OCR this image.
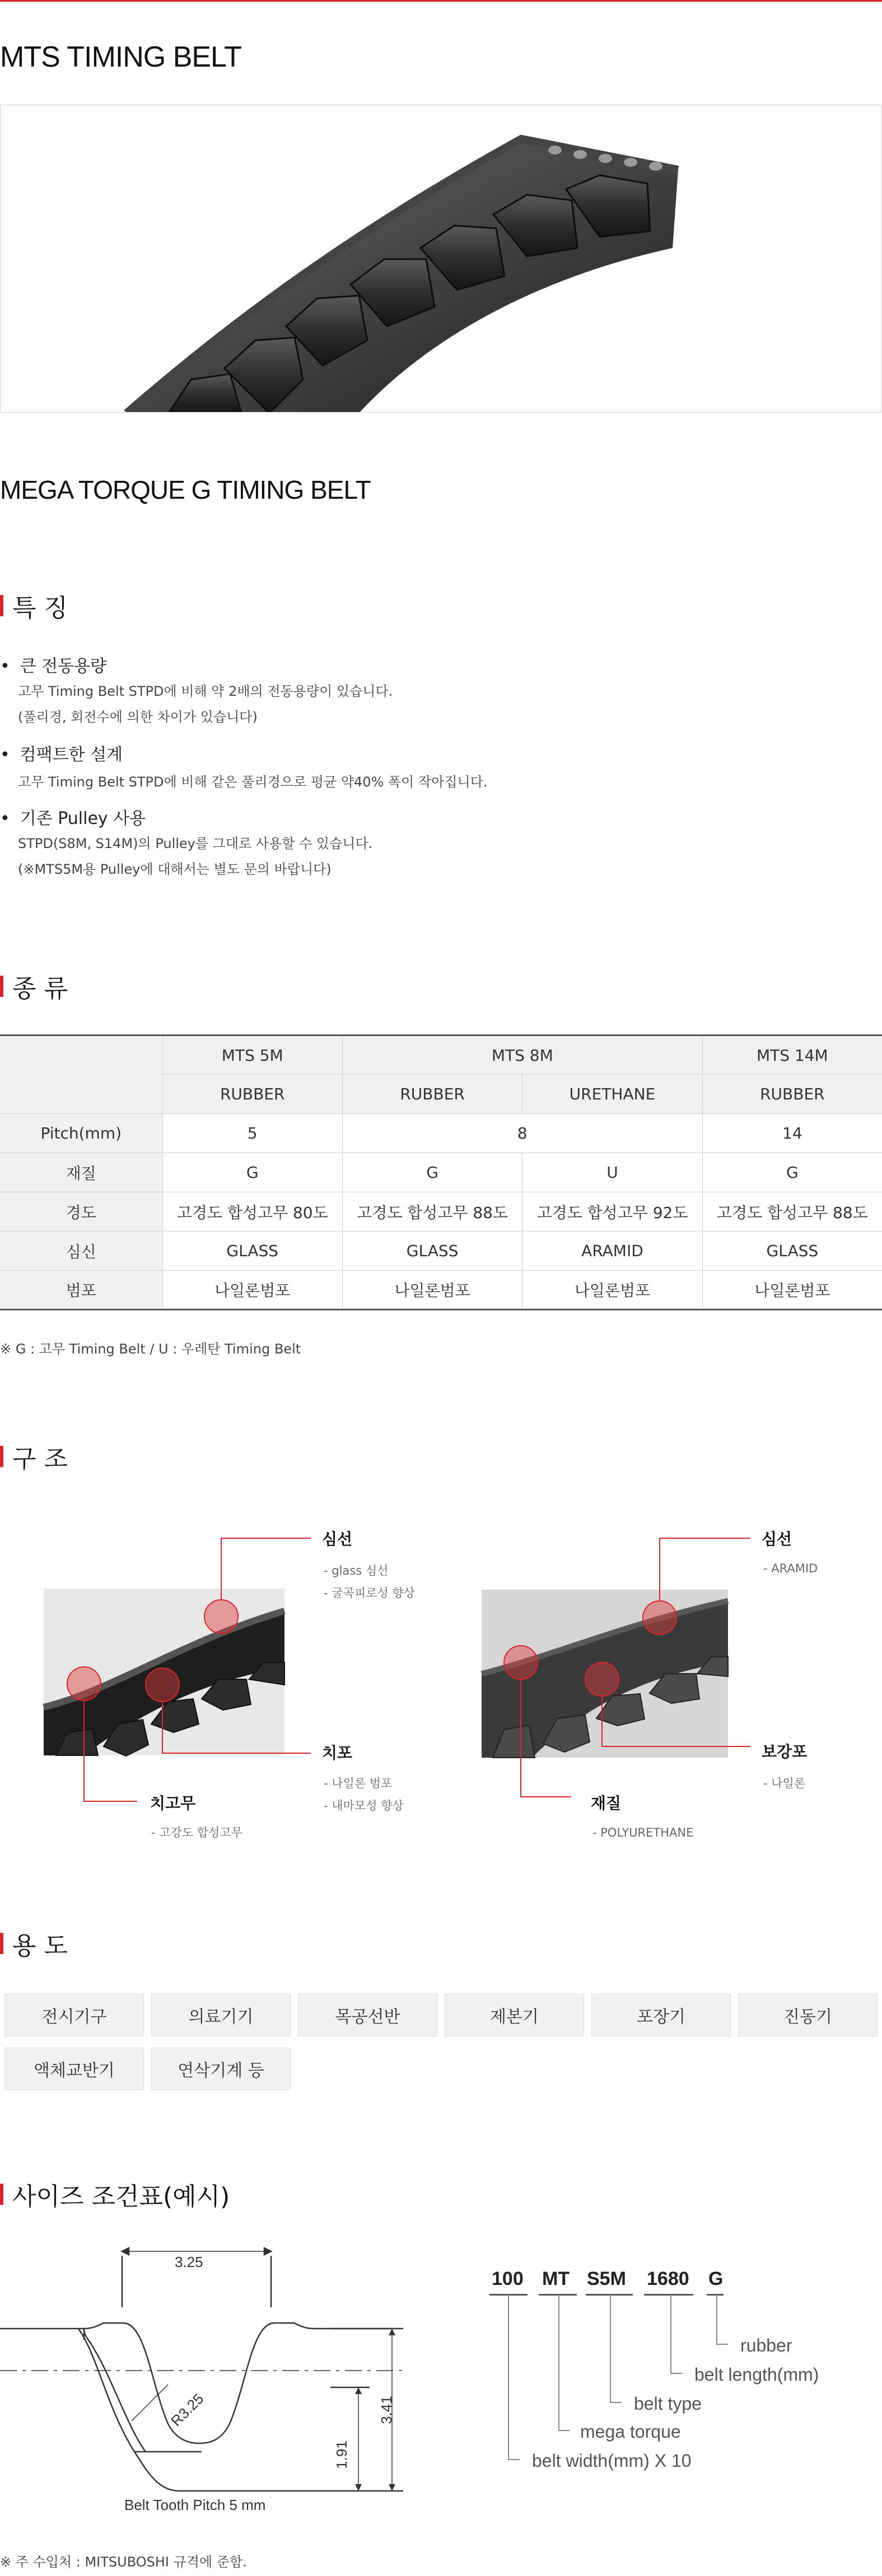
MTS TIMING BELT
MEGA TORQUE G TIMING BELT
특 징
• 큰 전동용량
고무 Timing Belt STPD에 비해 약 2배의 전동용량이 있습니다.
(풀리경, 회전수에 의한 차이가 있습니다)
• 컴팩트한 설계
고무 Timing Belt STPD에 비해 같은 풀리경으로 평균 약40% 폭이 작아집니다.
• 기존 Pulley 사용
STPD(S8M, S14M)의 Pulley를 그대로 사용할 수 있습니다.
(※MTS5M용 Pulley에 대해서는 별도 문의 바랍니다)
종 류
	MTS 5M	MTS 8M		MTS 14M
	RUBBER	RUBBER	URETHANE	RUBBER
Pitch(mm)	5	8		14
재질	G	G	U	G
경도	고경도 합성고무 80도	고경도 합성고무 88도	고경도 합성고무 92도	고경도 합성고무 88도
심신	GLASS	GLASS	ARAMID	GLASS
범포	나일론범포	나일론범포	나일론범포	나일론범포
※ G : 고무 Timing Belt / U : 우레탄 Timing Belt
구 조
심선
- glass 심선
- 굴곡피로성 향상
치포
- 나일론 범포
- 내마모성 향상
치고무
- 고강도 합성고무
심선
- ARAMID
보강포
- 나일론
재질
- POLYURETHANE
용 도
전시기구	의료기기	목공선반	제본기	포장기	진동기
액체교반기	연삭기계 등
사이즈 조건표(예시)
3.25
R3.25	3.41
1.91
Belt Tooth Pitch 5 mm
100 MT S5M 1680 G
rubber
belt length(mm)
belt type
mega torque
belt width(mm) X 10
※ 주 수입처 : MITSUBOSHI 규격에 준함.
